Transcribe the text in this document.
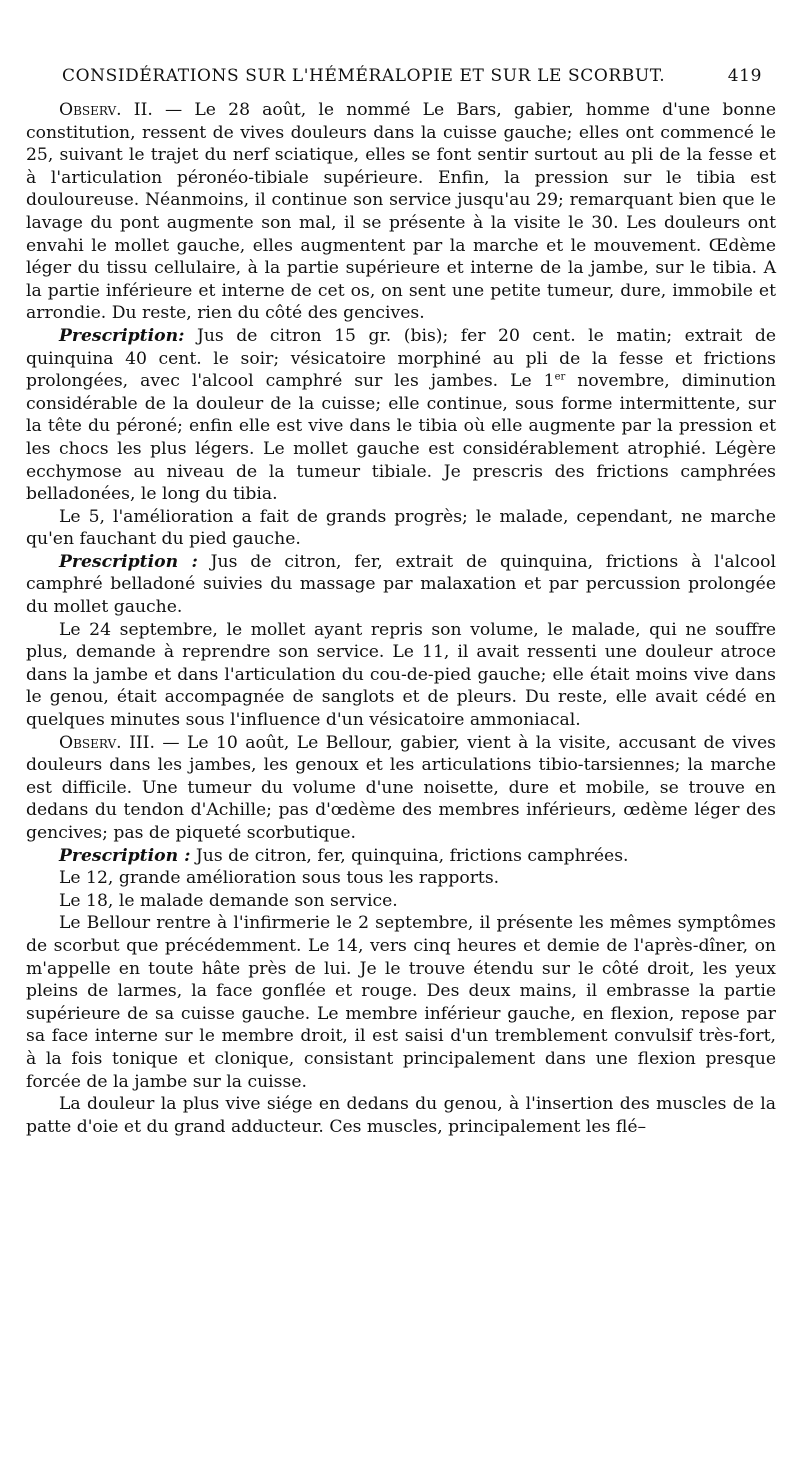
CONSIDÉRATIONS SUR L'HÉMÉRALOPIE ET SUR LE SCORBUT.	419

Observ. II. — Le 28 août, le nommé Le Bars, gabier, homme d'une bonne constitution, ressent de vives douleurs dans la cuisse gauche; elles ont commencé le 25, suivant le trajet du nerf sciatique, elles se font sentir surtout au pli de la fesse et à l'articulation péronéo-tibiale supérieure. Enfin, la pression sur le tibia est douloureuse. Néanmoins, il continue son service jusqu'au 29; remarquant bien que le lavage du pont augmente son mal, il se présente à la visite le 30. Les douleurs ont envahi le mollet gauche, elles augmentent par la marche et le mouvement. Œdème léger du tissu cellulaire, à la partie supérieure et interne de la jambe, sur le tibia. A la partie inférieure et interne de cet os, on sent une petite tumeur, dure, immobile et arrondie. Du reste, rien du côté des gencives.

Prescription: Jus de citron 15 gr. (bis); fer 20 cent. le matin; extrait de quinquina 40 cent. le soir; vésicatoire morphiné au pli de la fesse et frictions prolongées, avec l'alcool camphré sur les jambes. Le 1er novembre, diminution considérable de la douleur de la cuisse; elle continue, sous forme intermittente, sur la tête du péroné; enfin elle est vive dans le tibia où elle augmente par la pression et les chocs les plus légers. Le mollet gauche est considérablement atrophié. Légère ecchymose au niveau de la tumeur tibiale. Je prescris des frictions camphrées belladonées, le long du tibia.

Le 5, l'amélioration a fait de grands progrès; le malade, cependant, ne marche qu'en fauchant du pied gauche.

Prescription : Jus de citron, fer, extrait de quinquina, frictions à l'alcool camphré belladoné suivies du massage par malaxation et par percussion prolongée du mollet gauche.

Le 24 septembre, le mollet ayant repris son volume, le malade, qui ne souffre plus, demande à reprendre son service. Le 11, il avait ressenti une douleur atroce dans la jambe et dans l'articulation du cou-de-pied gauche; elle était moins vive dans le genou, était accompagnée de sanglots et de pleurs. Du reste, elle avait cédé en quelques minutes sous l'influence d'un vésicatoire ammoniacal.

Observ. III. — Le 10 août, Le Bellour, gabier, vient à la visite, accusant de vives douleurs dans les jambes, les genoux et les articulations tibio-tarsiennes; la marche est difficile. Une tumeur du volume d'une noisette, dure et mobile, se trouve en dedans du tendon d'Achille; pas d'œdème des membres inférieurs, œdème léger des gencives; pas de piqueté scorbutique.

Prescription : Jus de citron, fer, quinquina, frictions camphrées.

Le 12, grande amélioration sous tous les rapports.

Le 18, le malade demande son service.

Le Bellour rentre à l'infirmerie le 2 septembre, il présente les mêmes symptômes de scorbut que précédemment. Le 14, vers cinq heures et demie de l'après-dîner, on m'appelle en toute hâte près de lui. Je le trouve étendu sur le côté droit, les yeux pleins de larmes, la face gonflée et rouge. Des deux mains, il embrasse la partie supérieure de sa cuisse gauche. Le membre inférieur gauche, en flexion, repose par sa face interne sur le membre droit, il est saisi d'un tremblement convulsif très-fort, à la fois tonique et clonique, consistant principalement dans une flexion presque forcée de la jambe sur la cuisse.

La douleur la plus vive siége en dedans du genou, à l'insertion des muscles de la patte d'oie et du grand adducteur. Ces muscles, principalement les flé–
